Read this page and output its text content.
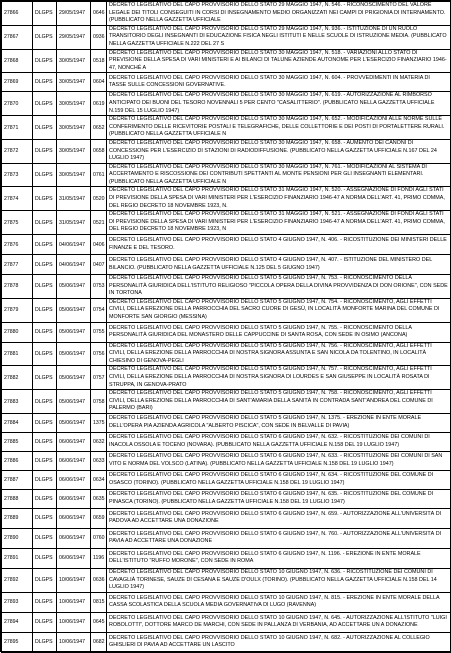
27866	DLGPS	29/05/1947	0646	DECRETO LEGISLATIVO DEL CAPO PROVVISORIO DELLO STATO 29 MAGGIO 1947, N. 546. - RICONOSCIMENTO DEL VALORE LEGALE DEI TITOLI CONSEGUITI IN CORSI DI INSEGNAMENTO MEDIO ORGANIZZATI NEI CAMPI DI PRIGIONIA DI INTERNAMENTO. (PUBBLICATO NELLA GAZZETTA UFFICIALE

27867	DLGPS	29/05/1947	0936	DECRETO LEGISLATIVO DEL CAPO PROVVISORIO DELLO STATO 29 MAGGIO 1947, N. 936. - ISTITUZIONE DI UN RUOLO TRANSITORIO DEGLI INSEGNANTI DI EDUCAZIONE FISICA NEGLI ISTITUTI E NELLE SCUOLE DI ISTRUZIONE MEDIA. (PUBBLICATO NELLA GAZZETTA UFFICIALE N.222 DEL 27 S

27868	DLGPS	30/05/1947	0518	DECRETO LEGISLATIVO DEL CAPO PROVVISORIO DELLO STATO 30 MAGGIO 1947, N. 518. - VARIAZIONI ALLO STATO DI PREVISIONE DELLA SPESA DI VARI MINISTERI E AI BILANCI DI TALUNE AZIENDE AUTONOME PER L'ESERCIZIO FINANZIARIO 1946-47, NONCHÉ A

27869	DLGPS	30/05/1947	0604	DECRETO LEGISLATIVO DEL CAPO PROVVISORIO DELLO STATO 30 MAGGIO 1947, N. 604. - PROVVEDIMENTI IN MATERIA DI TASSE SULLE CONCESSIONI GOVERNATIVE.

27870	DLGPS	30/05/1947	0619	DECRETO LEGISLATIVO DEL CAPO PROVVISORIO DELLO STATO 30 MAGGIO 1947, N. 619. - AUTORIZZAZIONE AL RIMBORSO ANTICIPATO DEI BUONI DEL TESORO NOVENNALI 5 PER CENTO "CASALITTERIO". (PUBBLICATO NELLA GAZZETTA UFFICIALE N.159 DEL 15 LUGLIO 1947)

27871	DLGPS	30/05/1947	0652	DECRETO LEGISLATIVO DEL CAPO PROVVISORIO DELLO STATO 30 MAGGIO 1947, N. 652. - MODIFICAZIONI ALLE NORME SULLE CONFERIMENTO DELLE RICEVITORIE POSTALI E TELEGRAFICHE, DELLE COLLETTORIE E DEI POSTI DI PORTALETTERE RURALI. (PUBBLICATO NELLA GAZZETTA UFFICIALE N

27872	DLGPS	30/05/1947	0658	DECRETO LEGISLATIVO DEL CAPO PROVVISORIO DELLO STATO 30 MAGGIO 1947, N. 658. - AUMENTO DEI CANONI DI CONCESSIONE PER L'ESERCIZIO DI STAZIONI DI RADIODIFFUSIONE. (PUBBLICATO NELLA GAZZETTA UFFICIALE N.167 DEL 24 LUGLIO 1947)

27873	DLGPS	30/05/1947	0761	DECRETO LEGISLATIVO DEL CAPO PROVVISORIO DELLO STATO 30 MAGGIO 1947, N. 761. - MODIFICAZIONI AL SISTEMA DI ACCERTAMENTO E RISCOSSIONE DEI CONTRIBUTI SPETTANTI AL MONTE PENSIONI PER GLI INSEGNANTI ELEMENTARI. (PUBBLICATO NELLA GAZZETTA UFFICIALE N

27874	DLGPS	31/05/1947	0520	DECRETO LEGISLATIVO DEL CAPO PROVVISORIO DELLO STATO 31 MAGGIO 1947, N. 520. - ASSEGNAZIONE DI FONDI AGLI STATI DI PREVISIONE DELLA SPESA DI VARI MINISTERI PER L'ESERCIZIO FINANZIARIO 1946-47 A NORMA DELL'ART. 41, PRIMO COMMA, DEL REGIO DECRETO 18 NOVEMBRE 1923, N.

27875	DLGPS	31/05/1947	0521	DECRETO LEGISLATIVO DEL CAPO PROVVISORIO DELLO STATO 31 MAGGIO 1947, N. 521. - ASSEGNAZIONE DI FONDI AGLI STATI DI PREVISIONE DELLA SPESA DI VARI MINISTERI PER L'ESERCIZIO FINANZIARIO 1946-47 A NORMA DELL'ART. 41, PRIMO COMMA, DEL REGIO DECRETO 18 NOVEMBRE 1923, N

27876	DLGPS	04/06/1947	0406	DECRETO LEGISLATIVO DEL CAPO PROVVISORIO DELLO STATO 4 GIUGNO 1947, N. 406. - RICOSTITUZIONE DEI MINISTERI DELLE FINANZE E DEL TESORO.

27877	DLGPS	04/06/1947	0407	DECRETO LEGISLATIVO DEL CAPO PROVVISORIO DELLO STATO 4 GIUGNO 1947, N. 407. - ISTITUZIONE DEL MINISTERO DEL BILANCIO. (PUBBLICATO NELLA GAZZETTA UFFICIALE N.125 DEL 5 GIUGNO 1947)

27878	DLGPS	05/06/1947	0753	DECRETO LEGISLATIVO DEL CAPO PROVVISORIO DELLO STATO 5 GIUGNO 1947, N. 753. - RICONOSCIMENTO DELLA PERSONALITÀ GIURIDICA DELL'ISTITUTO RELIGIOSO "PICCOLA OPERA DELLA DIVINA PROVVIDENZA DI DON ORIONE", CON SEDE IN TORTONA

27879	DLGPS	05/06/1947	0754	DECRETO LEGISLATIVO DEL CAPO PROVVISORIO DELLO STATO 5 GIUGNO 1947, N. 754. - RICONOSCIMENTO, AGLI EFFETTI CIVILI, DELLA EREZIONE DELLA PARROCCHIA DEL SACRO CUORE DI GESÙ, IN LOCALITÀ MONFORTE MARINA DEL COMUNE DI MONFORTE SAN GIORGIO (MESSINA)

27880	DLGPS	05/06/1947	0755	DECRETO LEGISLATIVO DEL CAPO PROVVISORIO DELLO STATO 5 GIUGNO 1947, N. 755. - RICONOSCIMENTO DELLA PERSONALITÀ GIURIDICA DEL MONASTERO DELLE CAPPUCCINE DI SANTA ROSA, CON SEDE IN OSIMO (ANCONA)

27881	DLGPS	05/06/1947	0756	DECRETO LEGISLATIVO DEL CAPO PROVVISORIO DELLO STATO 5 GIUGNO 1947, N. 756. - RICONOSCIMENTO, AGLI EFFETTI CIVILI, DELLA EREZIONE DELLA PARROCCHIA DI NOSTRA SIGNORA ASSUNTA E SAN NICOLA DA TOLENTINO, IN LOCALITÀ CHIESINO DI GENOVA-PEGLI

27882	DLGPS	05/06/1947	0757	DECRETO LEGISLATIVO DEL CAPO PROVVISORIO DELLO STATO 5 GIUGNO 1947, N. 757. - RICONOSCIMENTO, AGLI EFFETTI CIVILI, DELLA EREZIONE DELLA PARROCCHIA DI NOSTRA SIGNORA DI LOURDES E SAN GIUSEPPE IN LOCALITÀ ROSATA DI STRUPPA, IN GENOVA-PRATO

27883	DLGPS	05/06/1947	0758	DECRETO LEGISLATIVO DEL CAPO PROVVISORIO DELLO STATO 5 GIUGNO 1947, N. 758. - RICONOSCIMENTO, AGLI EFFETTI CIVILI, DELLA EREZIONE DELLA PARROCCHIA DI SANT'AMARIA DELLA SANITÀ IN CONTRADA SANT'ANDREA DEL COMUNE DI PALERMO (BARI)

27884	DLGPS	05/06/1947	1375	DECRETO LEGISLATIVO DEL CAPO PROVVISORIO DELLO STATO 5 GIUGNO 1947, N. 1375. - EREZIONE IN ENTE MORALE DELL'OPERA PIA AZIENDA AGRICOLA "ALBERTO PISCICA", CON SEDE IN BELVALLE DI PAVIA)

27885	DLGPS	06/06/1947	0632	DECRETO LEGISLATIVO DEL CAPO PROVVISORIO DELLO STATO 6 GIUGNO 1947, N. 632. - RICOSTITUZIONE DEI COMUNI DI INACOLA OSSOLA E TOCENO (NOVARA). (PUBBLICATO NELLA GAZZETTA UFFICIALE N.158 DEL 19 LUGLIO 1947)

27886	DLGPS	06/06/1947	0633	DECRETO LEGISLATIVO DEL CAPO PROVVISORIO DELLO STATO 6 GIUGNO 1947, N. 633. - RICOSTITUZIONE DEI COMUNI DI SAN VITO E NORMA DEL VOLSCO (LATINA). (PUBBLICATO NELLA GAZZETTA UFFICIALE N.158 DEL 19 LUGLIO 1947)

27887	DLGPS	06/06/1947	0634	DECRETO LEGISLATIVO DEL CAPO PROVVISORIO DELLO STATO 6 GIUGNO 1947, N. 634. - RICOSTITUZIONE DEL COMUNE DI OSASCO (TORINO). (PUBBLICATO NELLA GAZZETTA UFFICIALE N.158 DEL 19 LUGLIO 1947)

27888	DLGPS	06/06/1947	0635	DECRETO LEGISLATIVO DEL CAPO PROVVISORIO DELLO STATO 6 GIUGNO 1947, N. 635. - RICOSTITUZIONE DEL COMUNE DI PINASCA (TORINO). (PUBBLICATO NELLA GAZZETTA UFFICIALE N.158 DEL 19 LUGLIO 1947)

27889	DLGPS	06/06/1947	0659	DECRETO LEGISLATIVO DEL CAPO PROVVISORIO DELLO STATO 6 GIUGNO 1947, N. 659. - AUTORIZZAZIONE ALL'UNIVERSITÀ DI PADOVA AD ACCETTARE UNA DONAZIONE

27890	DLGPS	06/06/1947	0760	DECRETO LEGISLATIVO DEL CAPO PROVVISORIO DELLO STATO 6 GIUGNO 1947, N. 760. - AUTORIZZAZIONE ALL'UNIVERSITÀ DI PAVIA AD ACCETTARE UNA DONAZIONE

27891	DLGPS	06/06/1947	1196	DECRETO LEGISLATIVO DEL CAPO PROVVISORIO DELLO STATO 6 GIUGNO 1947, N. 1196. - EREZIONE IN ENTE MORALE DELL'ISTITUTO "RUFFO MORONE", CON SEDE IN ROMA

27892	DLGPS	10/06/1947	0636	DECRETO LEGISLATIVO DEL CAPO PROVVISORIO DELLO STATO 10 GIUGNO 1947, N. 636. - RICOSTITUZIONE DEI COMUNI DI CAVAGLIÀ TORINESE, SAUZE DI CESANA E SAUZE D'OULX (TORINO). (PUBBLICATO NELLA GAZZETTA UFFICIALE N.158 DEL 14 LUGLIO 1947)

27893	DLGPS	10/06/1947	0815	DECRETO LEGISLATIVO DEL CAPO PROVVISORIO DELLO STATO 10 GIUGNO 1947, N. 815. - EREZIONE IN ENTE MORALE DELLA CASSA SCOLASTICA DELLA SCUOLA MEDIA GOVERNATIVA DI LUGO (RAVENNA)

27894	DLGPS	10/06/1947	0645	DECRETO LEGISLATIVO DEL CAPO PROVVISORIO DELLO STATO 10 GIUGNO 1947, N. 645. - AUTORIZZAZIONE ALL'ISTITUTO "LUIGI ROBOLOTTI", DOTTORE MARCO DE MARCHI, CON SEDE IN PALLANZA DI VERBANIA, AD ACCETTARE UN A DONAZIONE

27895	DLGPS	10/06/1947	0682	DECRETO LEGISLATIVO DEL CAPO PROVVISORIO DELLO STATO 10 GIUGNO 1947, N. 682. - AUTORIZZAZIONE AL COLLEGIO GHISLIERI DI PAVIA AD ACCETTARE UN LASCITO
